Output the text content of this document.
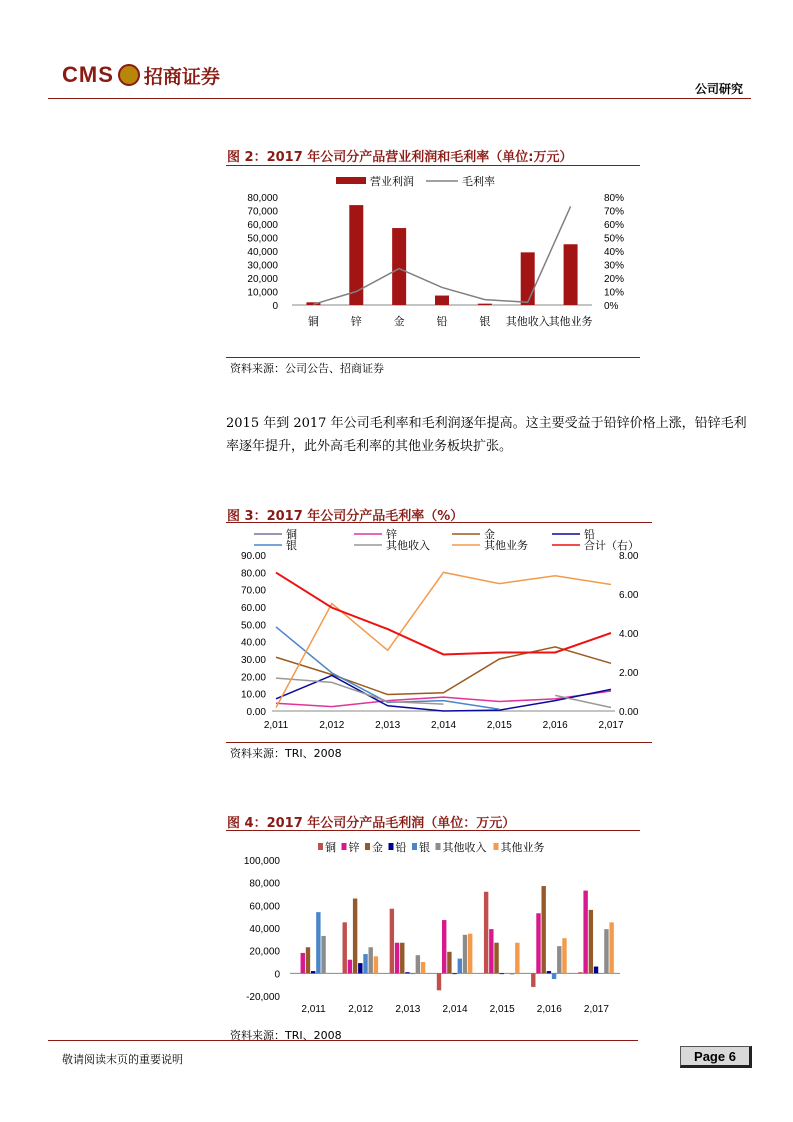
CMS 招商证券
公司研究
图 2：2017 年公司分产品营业利润和毛利率（单位:万元）
营业利润	毛利率
80,000
70,000
60,000
50,000
40,000
30,000
20,000
10,000
0
80%
70%
60%
50%
40%
30%
20%
10%
0%
铜	锌	金	铅	银 其他收入
其他业务
资料来源：公司公告、招商证券
2015 年到 2017 年公司毛利率和毛利润逐年提高。这主要受益于铅锌价格上涨，铅锌毛利率逐年提升，此外高毛利率的其他业务板块扩张。
图 3：2017 年公司分产品毛利率（%）
铜	锌	金	铅
银	其他收入	其他业务	合计（右）
90.00
80.00
70.00
60.00
50.00
40.00
30.00
20.00
10.00
0.00
8.00
6.00
4.00
2.00
0.00
2,011	2,012	2,013	2,014	2,015	2,016	2,017
资料来源：TRI、2008
图 4：2017 年公司分产品毛利润（单位：万元）
铜 锌 金 铅 银 其他收入 其他业务
100,000
80,000
60,000
40,000
20,000
0
-20,000
2,011 2,012 2,013 2,014 2,015 2,016 2,017
资料来源：TRI、2008
敬请阅读末页的重要说明	Page 6
